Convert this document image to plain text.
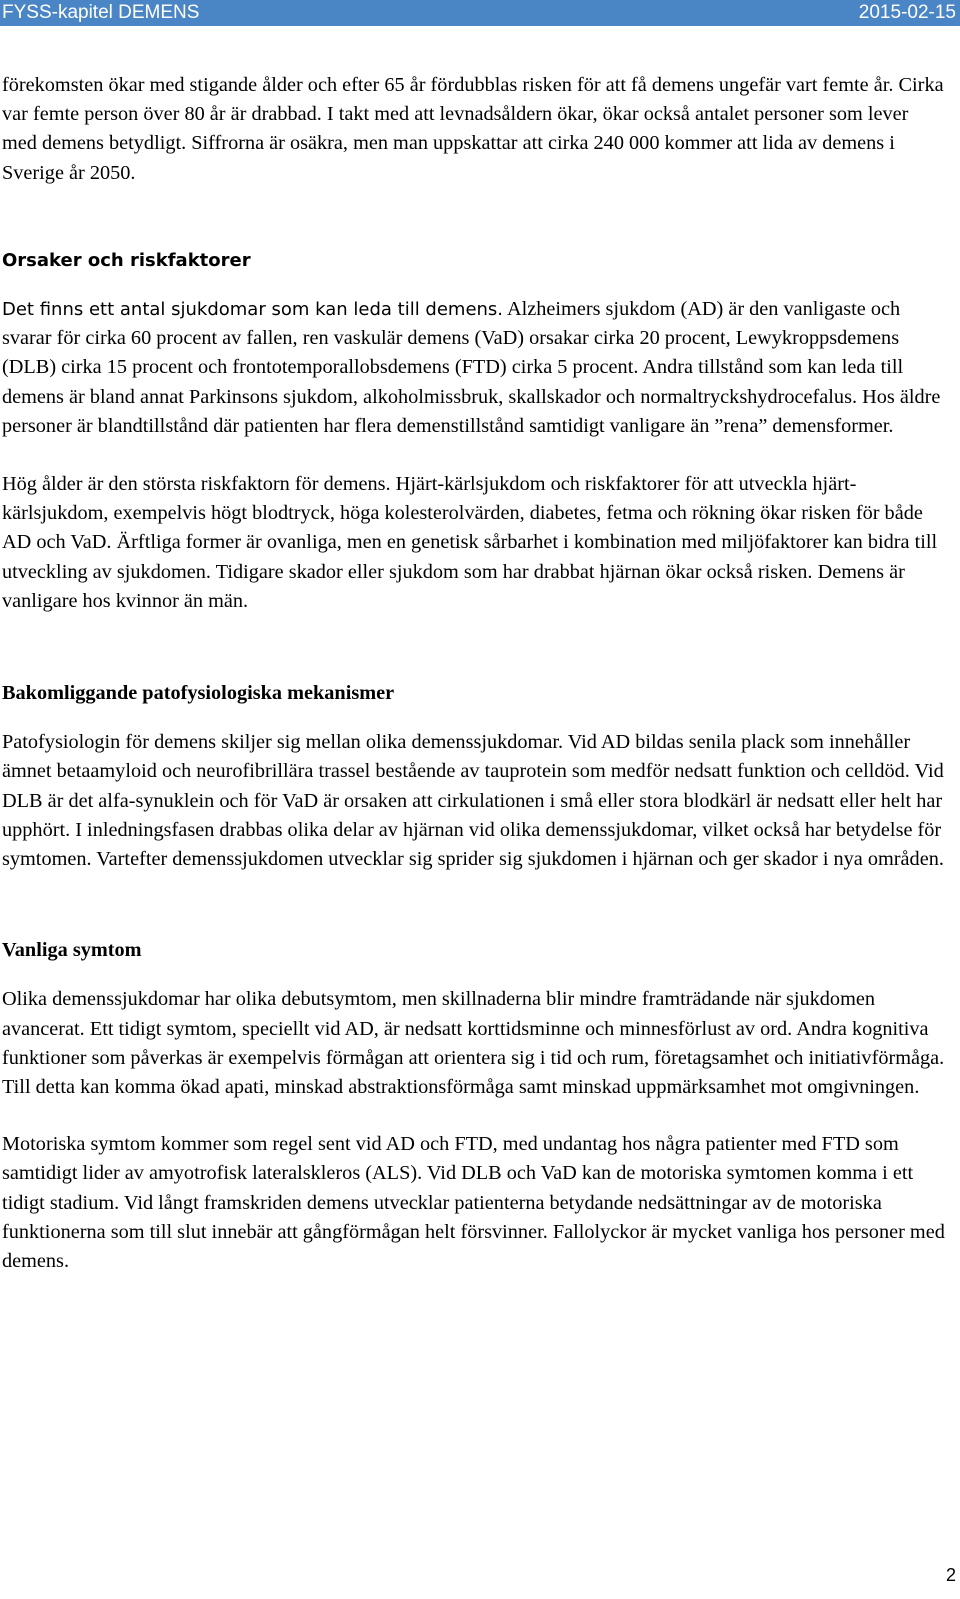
FYSS-kapitel DEMENS	2015-02-15

förekomsten ökar med stigande ålder och efter 65 år fördubblas risken för att få demens ungefär vart femte år. Cirka var femte person över 80 år är drabbad. I takt med att levnadsåldern ökar, ökar också antalet personer som lever med demens betydligt. Siffrorna är osäkra, men man uppskattar att cirka 240 000 kommer att lida av demens i Sverige år 2050.

Orsaker och riskfaktorer

Det finns ett antal sjukdomar som kan leda till demens. Alzheimers sjukdom (AD) är den vanligaste och svarar för cirka 60 procent av fallen, ren vaskulär demens (VaD) orsakar cirka 20 procent, Lewykroppsdemens (DLB) cirka 15 procent och frontotemporallobsdemens (FTD) cirka 5 procent. Andra tillstånd som kan leda till demens är bland annat Parkinsons sjukdom, alkoholmissbruk, skallskador och normaltryckshydrocefalus. Hos äldre personer är blandtillstånd där patienten har flera demenstillstånd samtidigt vanligare än ”rena” demensformer.

Hög ålder är den största riskfaktorn för demens. Hjärt-kärlsjukdom och riskfaktorer för att utveckla hjärt-kärlsjukdom, exempelvis högt blodtryck, höga kolesterolvärden, diabetes, fetma och rökning ökar risken för både AD och VaD. Ärftliga former är ovanliga, men en genetisk sårbarhet i kombination med miljöfaktorer kan bidra till utveckling av sjukdomen. Tidigare skador eller sjukdom som har drabbat hjärnan ökar också risken. Demens är vanligare hos kvinnor än män.

Bakomliggande patofysiologiska mekanismer

Patofysiologin för demens skiljer sig mellan olika demenssjukdomar. Vid AD bildas senila plack som innehåller ämnet betaamyloid och neurofibrillära trassel bestående av tauprotein som medför nedsatt funktion och celldöd. Vid DLB är det alfa-synuklein och för VaD är orsaken att cirkulationen i små eller stora blodkärl är nedsatt eller helt har upphört. I inledningsfasen drabbas olika delar av hjärnan vid olika demenssjukdomar, vilket också har betydelse för symtomen. Vartefter demenssjukdomen utvecklar sig sprider sig sjukdomen i hjärnan och ger skador i nya områden.

Vanliga symtom

Olika demenssjukdomar har olika debutsymtom, men skillnaderna blir mindre framträdande när sjukdomen avancerat. Ett tidigt symtom, speciellt vid AD, är nedsatt korttidsminne och minnesförlust av ord. Andra kognitiva funktioner som påverkas är exempelvis förmågan att orientera sig i tid och rum, företagsamhet och initiativförmåga. Till detta kan komma ökad apati, minskad abstraktionsförmåga samt minskad uppmärksamhet mot omgivningen.

Motoriska symtom kommer som regel sent vid AD och FTD, med undantag hos några patienter med FTD som samtidigt lider av amyotrofisk lateralskleros (ALS). Vid DLB och VaD kan de motoriska symtomen komma i ett tidigt stadium. Vid långt framskriden demens utvecklar patienterna betydande nedsättningar av de motoriska funktionerna som till slut innebär att gångförmågan helt försvinner. Fallolyckor är mycket vanliga hos personer med demens.

2
